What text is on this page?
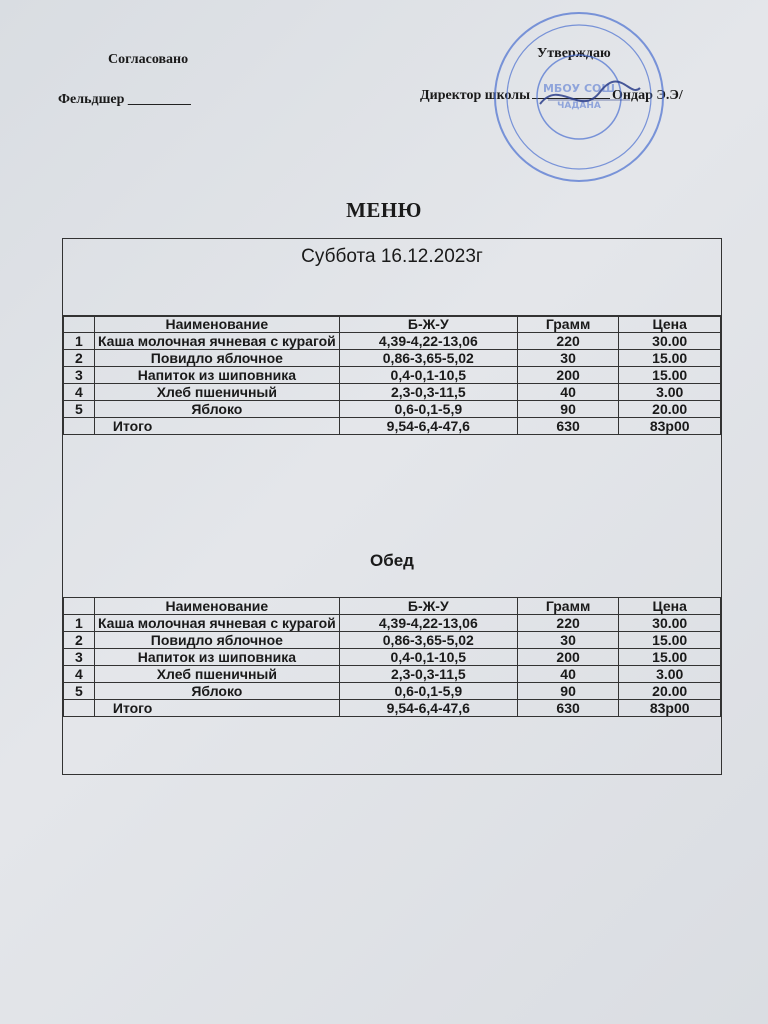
Согласовано
Фельдшер _________
Утверждаю
Директор школы	Ондар Э.Э/
МБОУ СОШ
ЧАДАНА
МЕНЮ
Суббота 16.12.2023г
	Наименование	Б-Ж-У	Грамм	Цена
1	Каша молочная ячневая с курагой	4,39-4,22-13,06	220	30.00
2	Повидло яблочное	0,86-3,65-5,02	30	15.00
3	Напиток из шиповника	0,4-0,1-10,5	200	15.00
4	Хлеб пшеничный	2,3-0,3-11,5	40	3.00
5	Яблоко	0,6-0,1-5,9	90	20.00
	Итого	9,54-6,4-47,6	630	83р00
Обед
	Наименование	Б-Ж-У	Грамм	Цена
1	Каша молочная ячневая с курагой	4,39-4,22-13,06	220	30.00
2	Повидло яблочное	0,86-3,65-5,02	30	15.00
3	Напиток из шиповника	0,4-0,1-10,5	200	15.00
4	Хлеб пшеничный	2,3-0,3-11,5	40	3.00
5	Яблоко	0,6-0,1-5,9	90	20.00
	Итого	9,54-6,4-47,6	630	83р00
